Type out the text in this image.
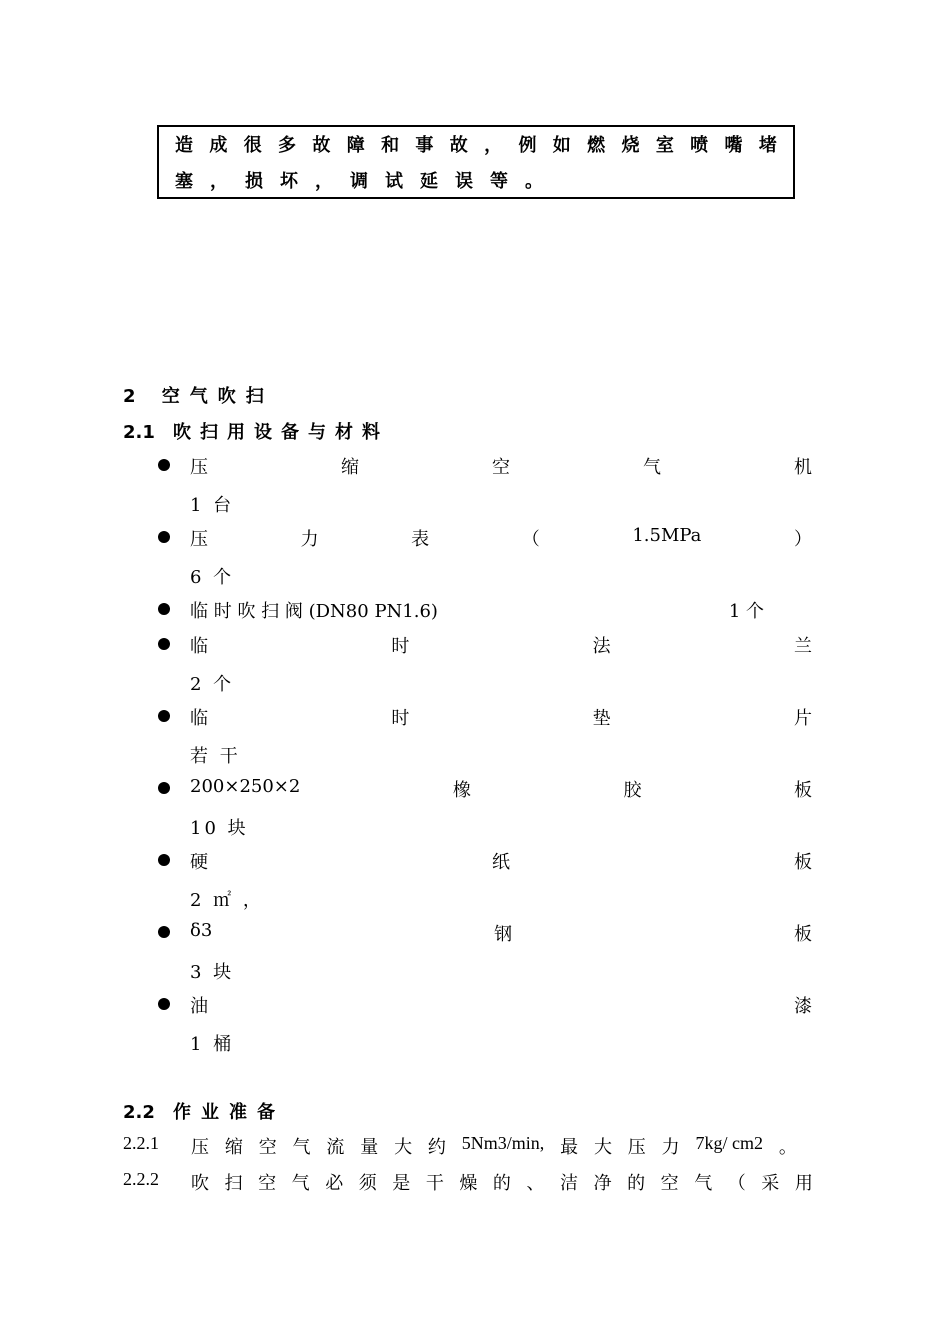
造 成 很 多 故 障 和 事 故 ， 例 如 燃 烧 室 喷 嘴 堵
塞 ， 损 坏 ， 调 试 延 误 等 。
2 空气吹扫
2.1 吹扫用设备与材料
压	缩	空	气	机
1 台
压	力	表	（	1.5MPa	）
6 个
临 时 吹 扫 阀 (DN80 PN1.6)	1 个
临	时	法	兰
2 个
临	时	垫	片
若 干
200×250×2	橡	胶	板
10 块
硬	纸	板
2 ㎡ ，
δ3	钢	板
3 块
油	漆
1 桶
2.2 作业准备
2.2.1 压 缩 空 气 流 量 大 约 5Nm3/min, 最 大 压 力 7kg/ cm2 。
2.2.2 吹 扫 空 气 必 须 是 干 燥 的 、 洁 净 的 空 气 （ 采 用
